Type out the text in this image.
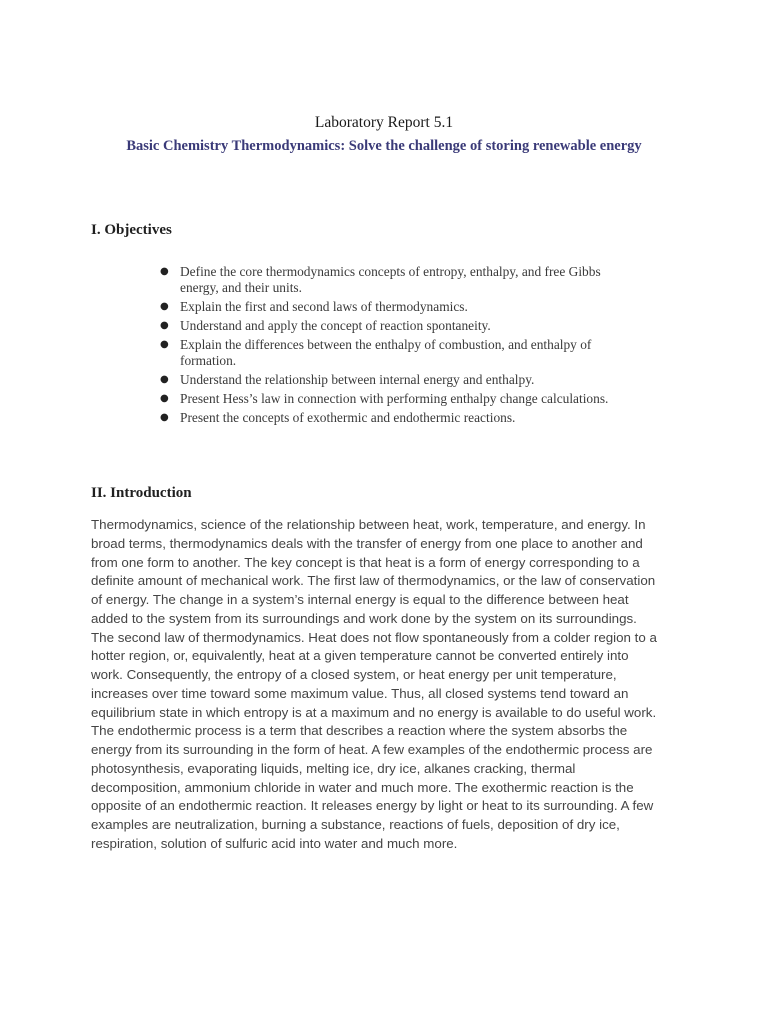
Laboratory Report 5.1
Basic Chemistry Thermodynamics: Solve the challenge of storing renewable energy
I. Objectives
● Define the core thermodynamics concepts of entropy, enthalpy, and free Gibbs
energy, and their units.
● Explain the first and second laws of thermodynamics.
● Understand and apply the concept of reaction spontaneity.
● Explain the differences between the enthalpy of combustion, and enthalpy of
formation.
● Understand the relationship between internal energy and enthalpy.
● Present Hess’s law in connection with performing enthalpy change calculations.
● Present the concepts of exothermic and endothermic reactions.
II. Introduction

Thermodynamics, science of the relationship between heat, work, temperature, and energy. In
broad terms, thermodynamics deals with the transfer of energy from one place to another and
from one form to another. The key concept is that heat is a form of energy corresponding to a
definite amount of mechanical work. The first law of thermodynamics, or the law of conservation
of energy. The change in a system’s internal energy is equal to the difference between heat
added to the system from its surroundings and work done by the system on its surroundings.
The second law of thermodynamics. Heat does not flow spontaneously from a colder region to a
hotter region, or, equivalently, heat at a given temperature cannot be converted entirely into
work. Consequently, the entropy of a closed system, or heat energy per unit temperature,
increases over time toward some maximum value. Thus, all closed systems tend toward an
equilibrium state in which entropy is at a maximum and no energy is available to do useful work.
The endothermic process is a term that describes a reaction where the system absorbs the
energy from its surrounding in the form of heat. A few examples of the endothermic process are
photosynthesis, evaporating liquids, melting ice, dry ice, alkanes cracking, thermal
decomposition, ammonium chloride in water and much more. The exothermic reaction is the
opposite of an endothermic reaction. It releases energy by light or heat to its surrounding. A few
examples are neutralization, burning a substance, reactions of fuels, deposition of dry ice,
respiration, solution of sulfuric acid into water and much more.
